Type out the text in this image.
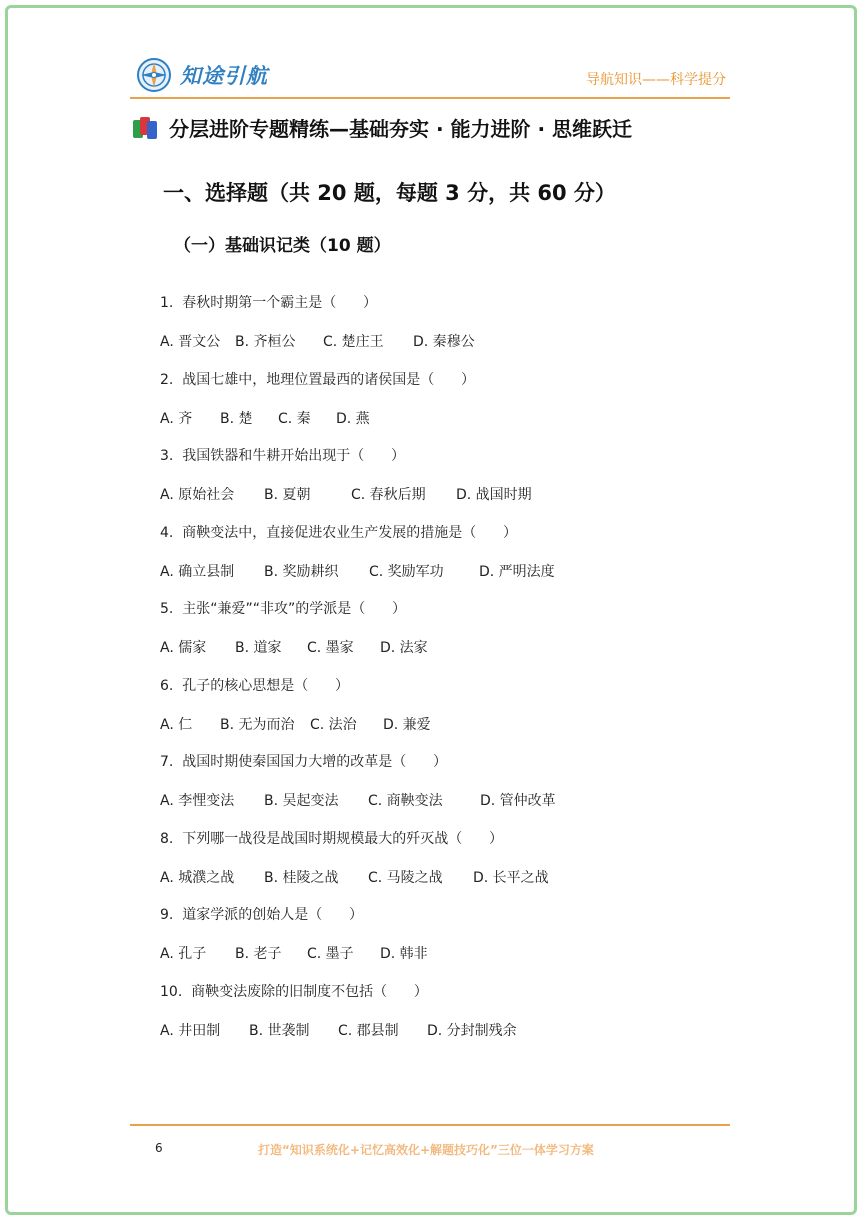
知途引航	导航知识——科学提分
分层进阶专题精练—基础夯实 · 能力进阶 · 思维跃迁
一、选择题（共 20 题，每题 3 分，共 60 分）
（一）基础识记类（10 题）
1.  春秋时期第一个霸主是（      ）
A. 晋文公	B. 齐桓公	C. 楚庄王	D. 秦穆公
2.  战国七雄中，地理位置最西的诸侯国是（      ）
A. 齐	B. 楚	C. 秦	D. 燕
3.  我国铁器和牛耕开始出现于（      ）
A. 原始社会	B. 夏朝	C. 春秋后期	D. 战国时期
4.  商鞅变法中，直接促进农业生产发展的措施是（      ）
A. 确立县制	B. 奖励耕织	C. 奖励军功	D. 严明法度
5.  主张“兼爱”“非攻”的学派是（      ）
A. 儒家	B. 道家	C. 墨家	D. 法家
6.  孔子的核心思想是（      ）
A. 仁	B. 无为而治	C. 法治	D. 兼爱
7.  战国时期使秦国国力大增的改革是（      ）
A. 李悝变法	B. 吴起变法	C. 商鞅变法	D. 管仲改革
8.  下列哪一战役是战国时期规模最大的歼灭战（      ）
A. 城濮之战	B. 桂陵之战	C. 马陵之战	D. 长平之战
9.  道家学派的创始人是（      ）
A. 孔子	B. 老子	C. 墨子	D. 韩非
10.  商鞅变法废除的旧制度不包括（      ）
A. 井田制	B. 世袭制	C. 郡县制	D. 分封制残余
6	打造“知识系统化+记忆高效化+解题技巧化”三位一体学习方案
